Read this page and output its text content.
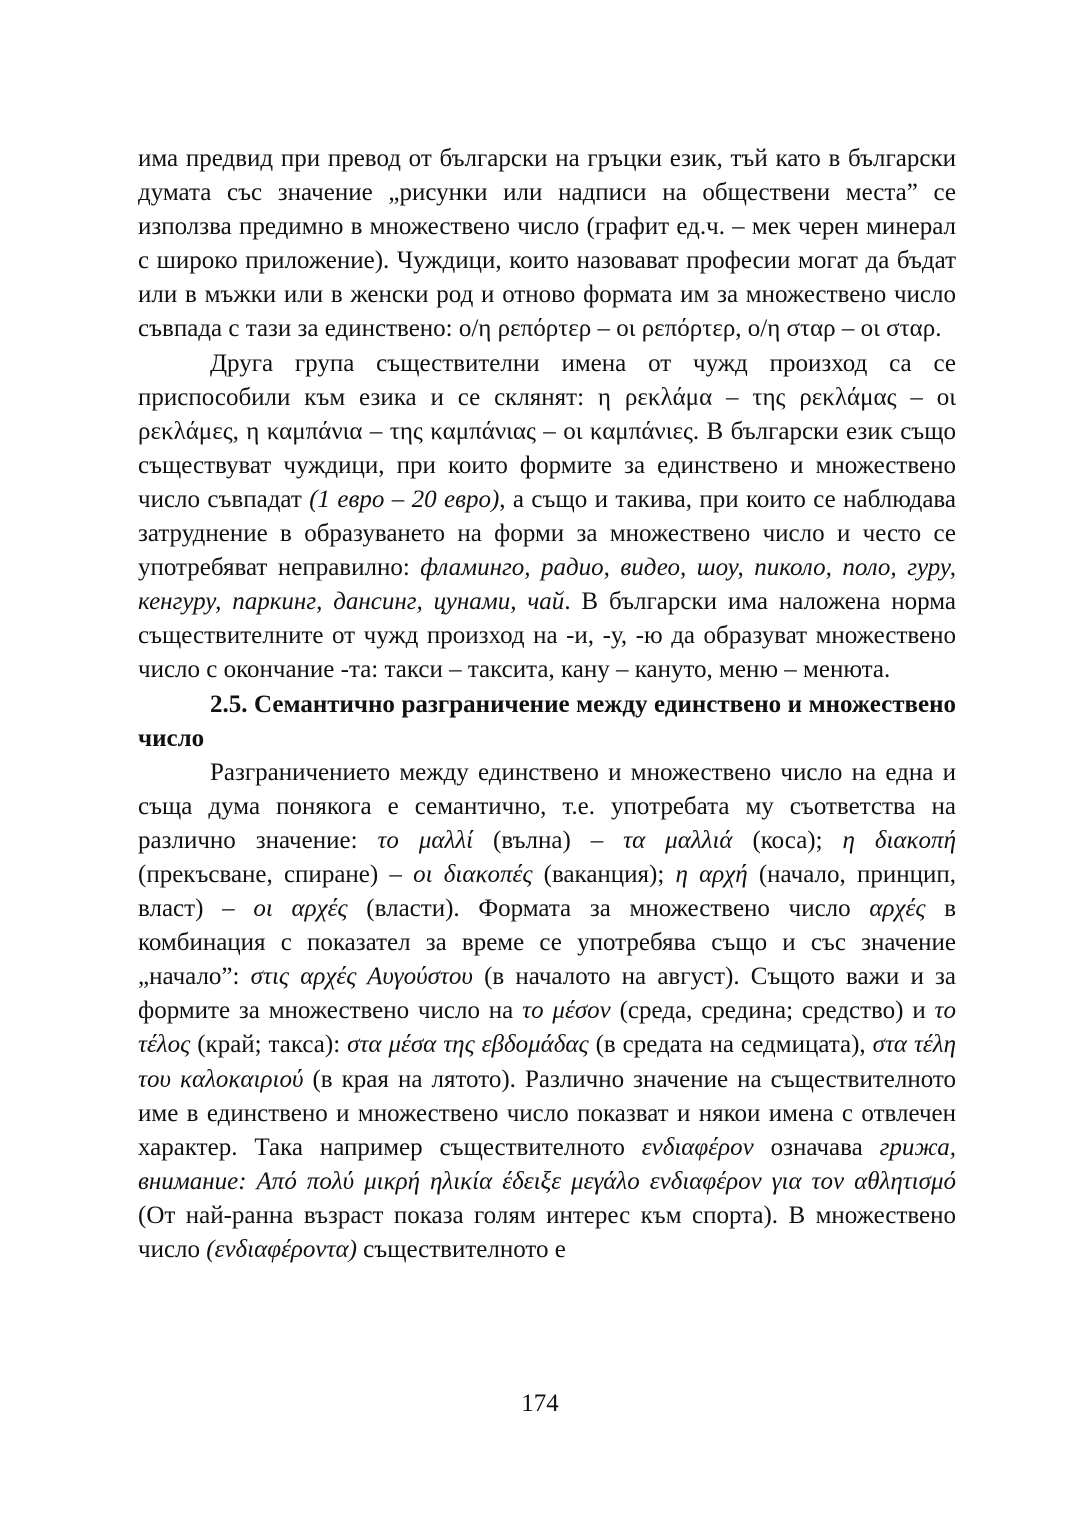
има предвид при превод от български на гръцки език, тъй като в български думата със значение „рисунки или надписи на обществени места” се използва предимно в множествено число (графит ед.ч. – мек черен минерал с широко приложение). Чуждици, които назовават професии могат да бъдат или в мъжки или в женски род и отново формата им за множествено число съвпада с тази за единствено: о/η ρεπόρτερ – οι ρεπόρτερ, ο/η σταρ – οι σταρ.

Друга група съществителни имена от чужд произход са се приспособили към езика и се склянят: η ρεκλάμα – της ρεκλάμας – οι ρεκλάμες, η καμπάνια – της καμπάνιας – οι καμπάνιες. В български език също съществуват чуждици, при които формите за единствено и множествено число съвпадат (1 евро – 20 евро), а също и такива, при които се наблюдава затруднение в образуването на форми за множествено число и често се употребяват неправилно: фламинго, радио, видео, шоу, пиколо, поло, гуру, кенгуру, паркинг, дансинг, цунами, чай. В български има наложена норма съществителните от чужд произход на -и, -у, -ю да образуват множествено число с окончание -та: такси – таксита, кану – кануто, меню – менюта.

2.5. Семантично разграничение между единствено и множествено число

Разграничението между единствено и множествено число на една и съща дума понякога е семантично, т.е. употребата му съответства на различно значение: το μαλλί (вълна) – τα μαλλιά (коса); η διακοπή (прекъсване, спиране) – οι διακοπές (ваканция); η αρχή (начало, принцип, власт) – οι αρχές (власти). Формата за множествено число αρχές в комбинация с показател за време се употребява също и със значение „начало”: στις αρχές Αυγούστου (в началото на август). Същото важи и за формите за множествено число на το μέσον (среда, средина; средство) и το τέλος (край; такса): στα μέσα της εβδομάδας (в средата на седмицата), στα τέλη του καλοκαιριού (в края на лятото). Различно значение на съществителното име в единствено и множествено число показват и някои имена с отвлечен характер. Така например съществителното ενδιαφέρον означава грижа, внимание: Από πολύ μικρή ηλικία έδειξε μεγάλο ενδιαφέρον για τον αθλητισμό (От най-ранна възраст показа голям интерес към спорта). В множествено число (ενδιαφέροντα) съществителното е

174
